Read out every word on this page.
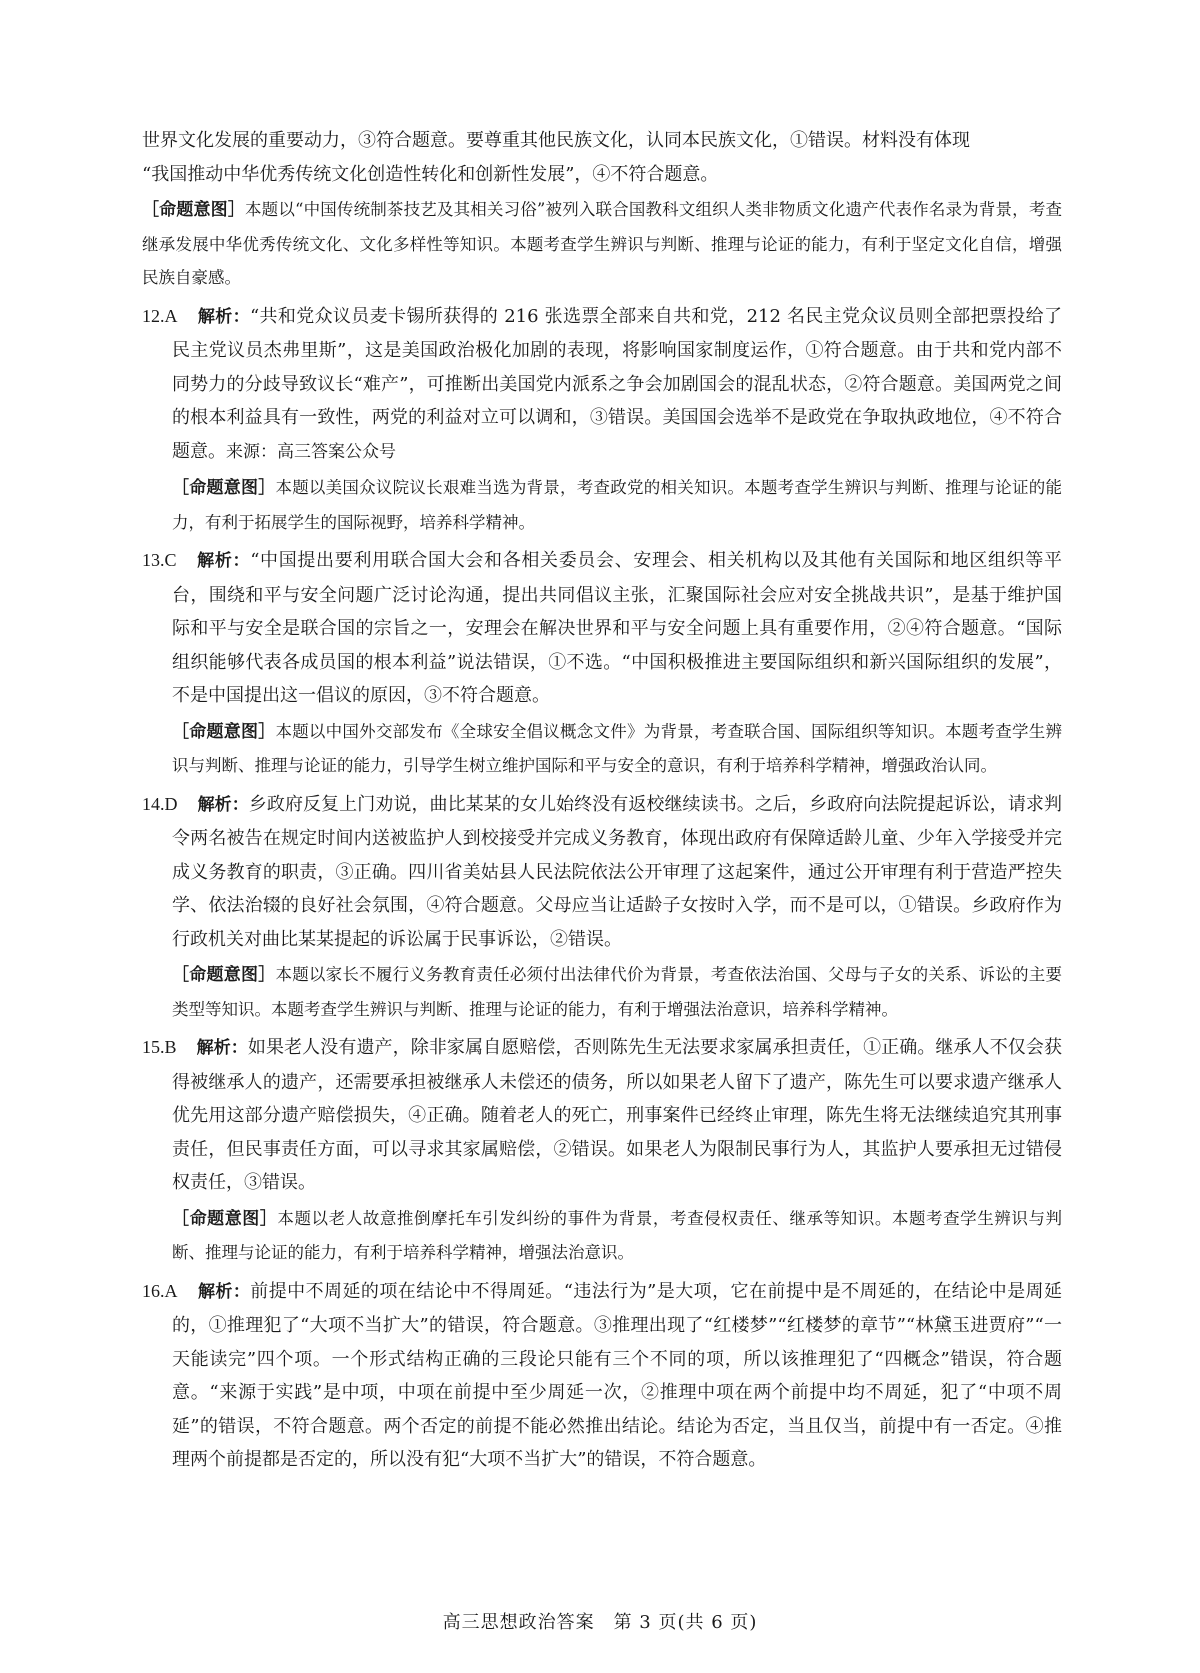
世界文化发展的重要动力，③符合题意。要尊重其他民族文化，认同本民族文化，①错误。材料没有体现

“我国推动中华优秀传统文化创造性转化和创新性发展”，④不符合题意。

［命题意图］本题以“中国传统制茶技艺及其相关习俗”被列入联合国教科文组织人类非物质文化遗产代表作名录为背景，考查继承发展中华优秀传统文化、文化多样性等知识。本题考查学生辨识与判断、推理与论证的能力，有利于坚定文化自信，增强民族自豪感。

12.A 解析：“共和党众议员麦卡锡所获得的 216 张选票全部来自共和党，212 名民主党众议员则全部把票投给了民主党议员杰弗里斯”，这是美国政治极化加剧的表现，将影响国家制度运作，①符合题意。由于共和党内部不同势力的分歧导致议长“难产”，可推断出美国党内派系之争会加剧国会的混乱状态，②符合题意。美国两党之间的根本利益具有一致性，两党的利益对立可以调和，③错误。美国国会选举不是政党在争取执政地位，④不符合题意。来源：高三答案公众号

［命题意图］本题以美国众议院议长艰难当选为背景，考查政党的相关知识。本题考查学生辨识与判断、推理与论证的能力，有利于拓展学生的国际视野，培养科学精神。

13.C 解析：“中国提出要利用联合国大会和各相关委员会、安理会、相关机构以及其他有关国际和地区组织等平台，围绕和平与安全问题广泛讨论沟通，提出共同倡议主张，汇聚国际社会应对安全挑战共识”，是基于维护国际和平与安全是联合国的宗旨之一，安理会在解决世界和平与安全问题上具有重要作用，②④符合题意。“国际组织能够代表各成员国的根本利益”说法错误，①不选。“中国积极推进主要国际组织和新兴国际组织的发展”，不是中国提出这一倡议的原因，③不符合题意。

［命题意图］本题以中国外交部发布《全球安全倡议概念文件》为背景，考查联合国、国际组织等知识。本题考查学生辨识与判断、推理与论证的能力，引导学生树立维护国际和平与安全的意识，有利于培养科学精神，增强政治认同。

14.D 解析：乡政府反复上门劝说，曲比某某的女儿始终没有返校继续读书。之后，乡政府向法院提起诉讼，请求判令两名被告在规定时间内送被监护人到校接受并完成义务教育，体现出政府有保障适龄儿童、少年入学接受并完成义务教育的职责，③正确。四川省美姑县人民法院依法公开审理了这起案件，通过公开审理有利于营造严控失学、依法治辍的良好社会氛围，④符合题意。父母应当让适龄子女按时入学，而不是可以，①错误。乡政府作为行政机关对曲比某某提起的诉讼属于民事诉讼，②错误。

［命题意图］本题以家长不履行义务教育责任必须付出法律代价为背景，考查依法治国、父母与子女的关系、诉讼的主要类型等知识。本题考查学生辨识与判断、推理与论证的能力，有利于增强法治意识，培养科学精神。

15.B 解析：如果老人没有遗产，除非家属自愿赔偿，否则陈先生无法要求家属承担责任，①正确。继承人不仅会获得被继承人的遗产，还需要承担被继承人未偿还的债务，所以如果老人留下了遗产，陈先生可以要求遗产继承人优先用这部分遗产赔偿损失，④正确。随着老人的死亡，刑事案件已经终止审理，陈先生将无法继续追究其刑事责任，但民事责任方面，可以寻求其家属赔偿，②错误。如果老人为限制民事行为人，其监护人要承担无过错侵权责任，③错误。

［命题意图］本题以老人故意推倒摩托车引发纠纷的事件为背景，考查侵权责任、继承等知识。本题考查学生辨识与判断、推理与论证的能力，有利于培养科学精神，增强法治意识。

16.A 解析：前提中不周延的项在结论中不得周延。“违法行为”是大项，它在前提中是不周延的，在结论中是周延的，①推理犯了“大项不当扩大”的错误，符合题意。③推理出现了“红楼梦”“红楼梦的章节”“林黛玉进贾府”“一天能读完”四个项。一个形式结构正确的三段论只能有三个不同的项，所以该推理犯了“四概念”错误，符合题意。“来源于实践”是中项，中项在前提中至少周延一次，②推理中项在两个前提中均不周延，犯了“中项不周延”的错误，不符合题意。两个否定的前提不能必然推出结论。结论为否定，当且仅当，前提中有一否定。④推理两个前提都是否定的，所以没有犯“大项不当扩大”的错误，不符合题意。

高三思想政治答案　第 3 页(共 6 页)
